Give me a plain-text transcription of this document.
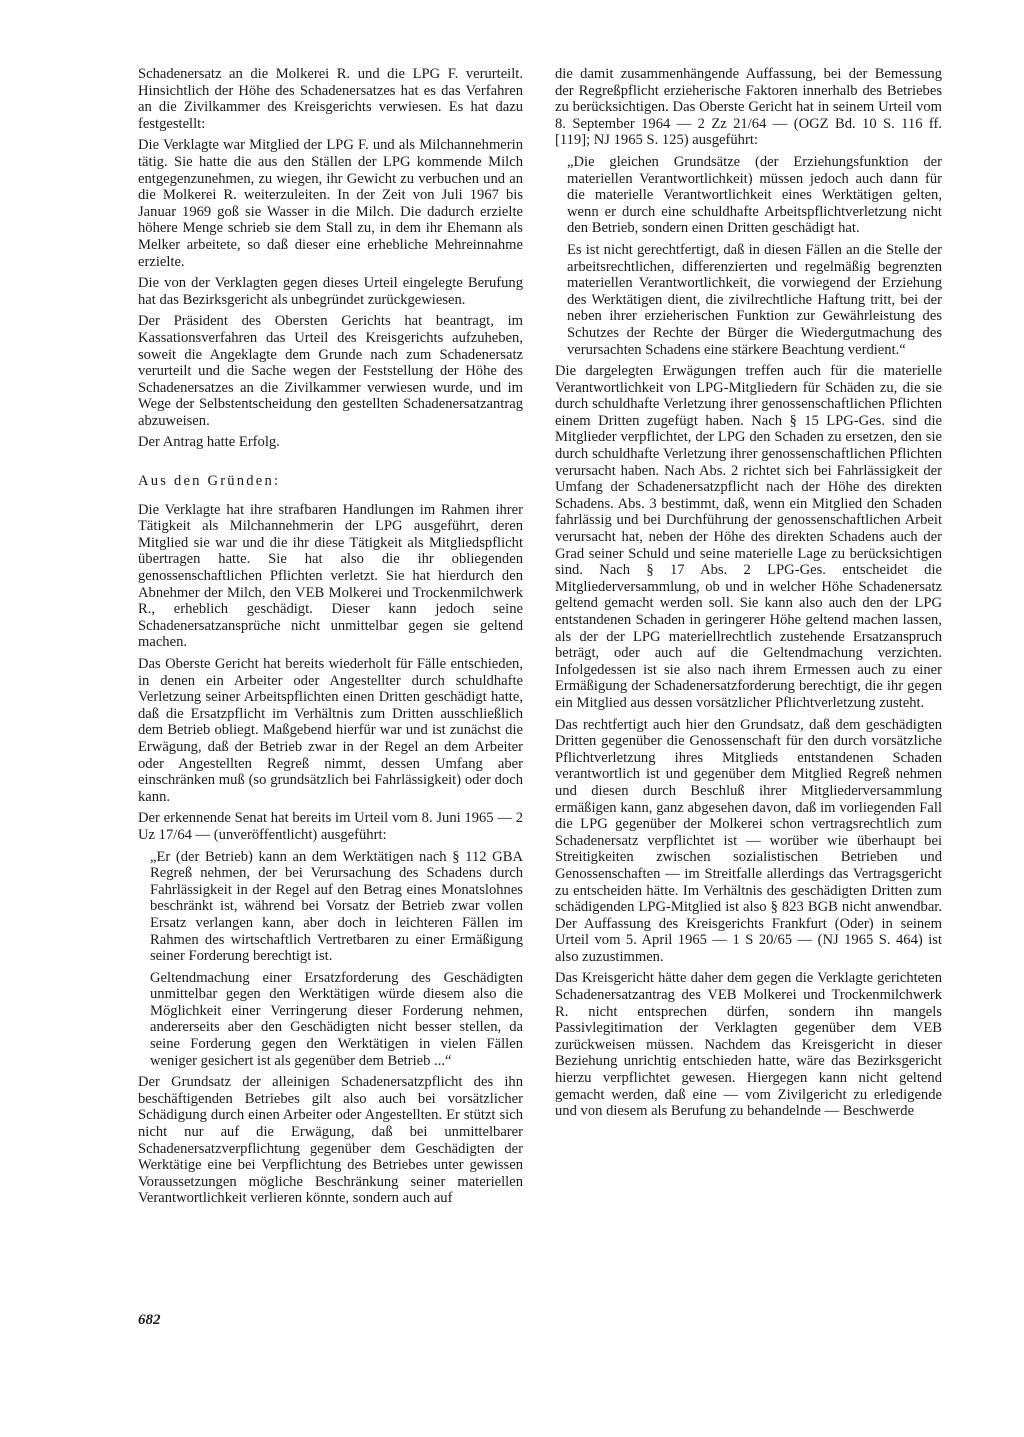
Schadenersatz an die Molkerei R. und die LPG F. verurteilt. Hinsichtlich der Höhe des Schadenersatzes hat es das Verfahren an die Zivilkammer des Kreisgerichts verwiesen. Es hat dazu festgestellt:

Die Verklagte war Mitglied der LPG F. und als Milchannehmerin tätig. Sie hatte die aus den Ställen der LPG kommende Milch entgegenzunehmen, zu wiegen, ihr Gewicht zu verbuchen und an die Molkerei R. weiterzuleiten. In der Zeit von Juli 1967 bis Januar 1969 goß sie Wasser in die Milch. Die dadurch erzielte höhere Menge schrieb sie dem Stall zu, in dem ihr Ehemann als Melker arbeitete, so daß dieser eine erhebliche Mehreinnahme erzielte.

Die von der Verklagten gegen dieses Urteil eingelegte Berufung hat das Bezirksgericht als unbegründet zurückgewiesen.

Der Präsident des Obersten Gerichts hat beantragt, im Kassationsverfahren das Urteil des Kreisgerichts aufzuheben, soweit die Angeklagte dem Grunde nach zum Schadenersatz verurteilt und die Sache wegen der Feststellung der Höhe des Schadenersatzes an die Zivilkammer verwiesen wurde, und im Wege der Selbstentscheidung den gestellten Schadenersatzantrag abzuweisen.

Der Antrag hatte Erfolg.

Aus den Gründen:

Die Verklagte hat ihre strafbaren Handlungen im Rahmen ihrer Tätigkeit als Milchannehmerin der LPG ausgeführt, deren Mitglied sie war und die ihr diese Tätigkeit als Mitgliedspflicht übertragen hatte. Sie hat also die ihr obliegenden genossenschaftlichen Pflichten verletzt. Sie hat hierdurch den Abnehmer der Milch, den VEB Molkerei und Trockenmilchwerk R., erheblich geschädigt. Dieser kann jedoch seine Schadenersatzansprüche nicht unmittelbar gegen sie geltend machen.

Das Oberste Gericht hat bereits wiederholt für Fälle entschieden, in denen ein Arbeiter oder Angestellter durch schuldhafte Verletzung seiner Arbeitspflichten einen Dritten geschädigt hatte, daß die Ersatzpflicht im Verhältnis zum Dritten ausschließlich dem Betrieb obliegt. Maßgebend hierfür war und ist zunächst die Erwägung, daß der Betrieb zwar in der Regel an dem Arbeiter oder Angestellten Regreß nimmt, dessen Umfang aber einschränken muß (so grundsätzlich bei Fahrlässigkeit) oder doch kann.

Der erkennende Senat hat bereits im Urteil vom 8. Juni 1965 — 2 Uz 17/64 — (unveröffentlicht) ausgeführt:

„Er (der Betrieb) kann an dem Werktätigen nach § 112 GBA Regreß nehmen, der bei Verursachung des Schadens durch Fahrlässigkeit in der Regel auf den Betrag eines Monatslohnes beschränkt ist, während bei Vorsatz der Betrieb zwar vollen Ersatz verlangen kann, aber doch in leichteren Fällen im Rahmen des wirtschaftlich Vertretbaren zu einer Ermäßigung seiner Forderung berechtigt ist.

Geltendmachung einer Ersatzforderung des Geschädigten unmittelbar gegen den Werktätigen würde diesem also die Möglichkeit einer Verringerung dieser Forderung nehmen, andererseits aber den Geschädigten nicht besser stellen, da seine Forderung gegen den Werktätigen in vielen Fällen weniger gesichert ist als gegenüber dem Betrieb ...“

Der Grundsatz der alleinigen Schadenersatzpflicht des ihn beschäftigenden Betriebes gilt also auch bei vorsätzlicher Schädigung durch einen Arbeiter oder Angestellten. Er stützt sich nicht nur auf die Erwägung, daß bei unmittelbarer Schadenersatzverpflichtung gegenüber dem Geschädigten der Werktätige eine bei Verpflichtung des Betriebes unter gewissen Voraussetzungen mögliche Beschränkung seiner materiellen Verantwortlichkeit verlieren könnte, sondern auch auf

die damit zusammenhängende Auffassung, bei der Bemessung der Regreßpflicht erzieherische Faktoren innerhalb des Betriebes zu berücksichtigen. Das Oberste Gericht hat in seinem Urteil vom 8. September 1964 — 2 Zz 21/64 — (OGZ Bd. 10 S. 116 ff. [119]; NJ 1965 S. 125) ausgeführt:

„Die gleichen Grundsätze (der Erziehungsfunktion der materiellen Verantwortlichkeit) müssen jedoch auch dann für die materielle Verantwortlichkeit eines Werktätigen gelten, wenn er durch eine schuldhafte Arbeitspflichtverletzung nicht den Betrieb, sondern einen Dritten geschädigt hat.

Es ist nicht gerechtfertigt, daß in diesen Fällen an die Stelle der arbeitsrechtlichen, differenzierten und regelmäßig begrenzten materiellen Verantwortlichkeit, die vorwiegend der Erziehung des Werktätigen dient, die zivilrechtliche Haftung tritt, bei der neben ihrer erzieherischen Funktion zur Gewährleistung des Schutzes der Rechte der Bürger die Wiedergutmachung des verursachten Schadens eine stärkere Beachtung verdient.“

Die dargelegten Erwägungen treffen auch für die materielle Verantwortlichkeit von LPG-Mitgliedern für Schäden zu, die sie durch schuldhafte Verletzung ihrer genossenschaftlichen Pflichten einem Dritten zugefügt haben. Nach § 15 LPG-Ges. sind die Mitglieder verpflichtet, der LPG den Schaden zu ersetzen, den sie durch schuldhafte Verletzung ihrer genossenschaftlichen Pflichten verursacht haben. Nach Abs. 2 richtet sich bei Fahrlässigkeit der Umfang der Schadenersatzpflicht nach der Höhe des direkten Schadens. Abs. 3 bestimmt, daß, wenn ein Mitglied den Schaden fahrlässig und bei Durchführung der genossenschaftlichen Arbeit verursacht hat, neben der Höhe des direkten Schadens auch der Grad seiner Schuld und seine materielle Lage zu berücksichtigen sind. Nach § 17 Abs. 2 LPG-Ges. entscheidet die Mitgliederversammlung, ob und in welcher Höhe Schadenersatz geltend gemacht werden soll. Sie kann also auch den der LPG entstandenen Schaden in geringerer Höhe geltend machen lassen, als der der LPG materiellrechtlich zustehende Ersatzanspruch beträgt, oder auch auf die Geltendmachung verzichten. Infolgedessen ist sie also nach ihrem Ermessen auch zu einer Ermäßigung der Schadenersatzforderung berechtigt, die ihr gegen ein Mitglied aus dessen vorsätzlicher Pflichtverletzung zusteht.

Das rechtfertigt auch hier den Grundsatz, daß dem geschädigten Dritten gegenüber die Genossenschaft für den durch vorsätzliche Pflichtverletzung ihres Mitglieds entstandenen Schaden verantwortlich ist und gegenüber dem Mitglied Regreß nehmen und diesen durch Beschluß ihrer Mitgliederversammlung ermäßigen kann, ganz abgesehen davon, daß im vorliegenden Fall die LPG gegenüber der Molkerei schon vertragsrechtlich zum Schadenersatz verpflichtet ist — worüber wie überhaupt bei Streitigkeiten zwischen sozialistischen Betrieben und Genossenschaften — im Streitfalle allerdings das Vertragsgericht zu entscheiden hätte. Im Verhältnis des geschädigten Dritten zum schädigenden LPG-Mitglied ist also § 823 BGB nicht anwendbar. Der Auffassung des Kreisgerichts Frankfurt (Oder) in seinem Urteil vom 5. April 1965 — 1 S 20/65 — (NJ 1965 S. 464) ist also zuzustimmen.

Das Kreisgericht hätte daher dem gegen die Verklagte gerichteten Schadenersatzantrag des VEB Molkerei und Trockenmilchwerk R. nicht entsprechen dürfen, sondern ihn mangels Passivlegitimation der Verklagten gegenüber dem VEB zurückweisen müssen. Nachdem das Kreisgericht in dieser Beziehung unrichtig entschieden hatte, wäre das Bezirksgericht hierzu verpflichtet gewesen. Hiergegen kann nicht geltend gemacht werden, daß eine — vom Zivilgericht zu erledigende und von diesem als Berufung zu behandelnde — Beschwerde

682
